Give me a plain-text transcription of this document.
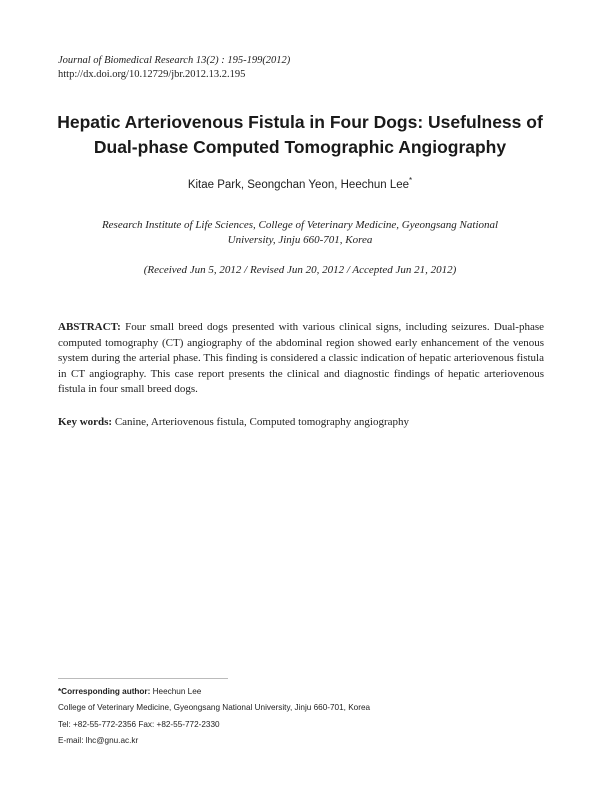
Journal of Biomedical Research 13(2) : 195-199(2012)
http://dx.doi.org/10.12729/jbr.2012.13.2.195
Hepatic Arteriovenous Fistula in Four Dogs: Usefulness of
Dual-phase Computed Tomographic Angiography
Kitae Park, Seongchan Yeon, Heechun Lee*
Research Institute of Life Sciences, College of Veterinary Medicine, Gyeongsang National
University, Jinju 660-701, Korea
(Received Jun 5, 2012 / Revised Jun 20, 2012 / Accepted Jun 21, 2012)
ABSTRACT: Four small breed dogs presented with various clinical signs, including seizures. Dual-phase computed tomography (CT) angiography of the abdominal region showed early enhancement of the venous system during the arterial phase. This finding is considered a classic indication of hepatic arteriovenous fistula in CT angiography. This case report presents the clinical and diagnostic findings of hepatic arteriovenous fistula in four small breed dogs.
Key words: Canine, Arteriovenous fistula, Computed tomography angiography
*Corresponding author: Heechun Lee
College of Veterinary Medicine, Gyeongsang National University, Jinju 660-701, Korea
Tel: +82-55-772-2356 Fax: +82-55-772-2330
E-mail: lhc@gnu.ac.kr
